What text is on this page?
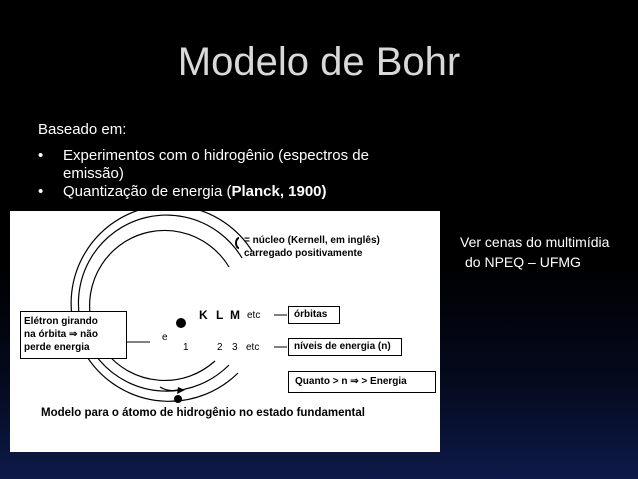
Modelo de Bohr
Baseado em:
• Experimentos com o hidrogênio (espectros de emissão)
• Quantização de energia (Planck, 1900)
Ver cenas do multimídia
do NPEQ – UFMG
= núcleo (Kernell, em inglês)
carregado positivamente
K L M etc
1	2 3 etc
e
órbitas
níveis de energia (n)
Quanto > n ⇒ > Energia
Elétron girando
na órbita ⇒ não
perde energia
Modelo para o átomo de hidrogênio no estado fundamental
